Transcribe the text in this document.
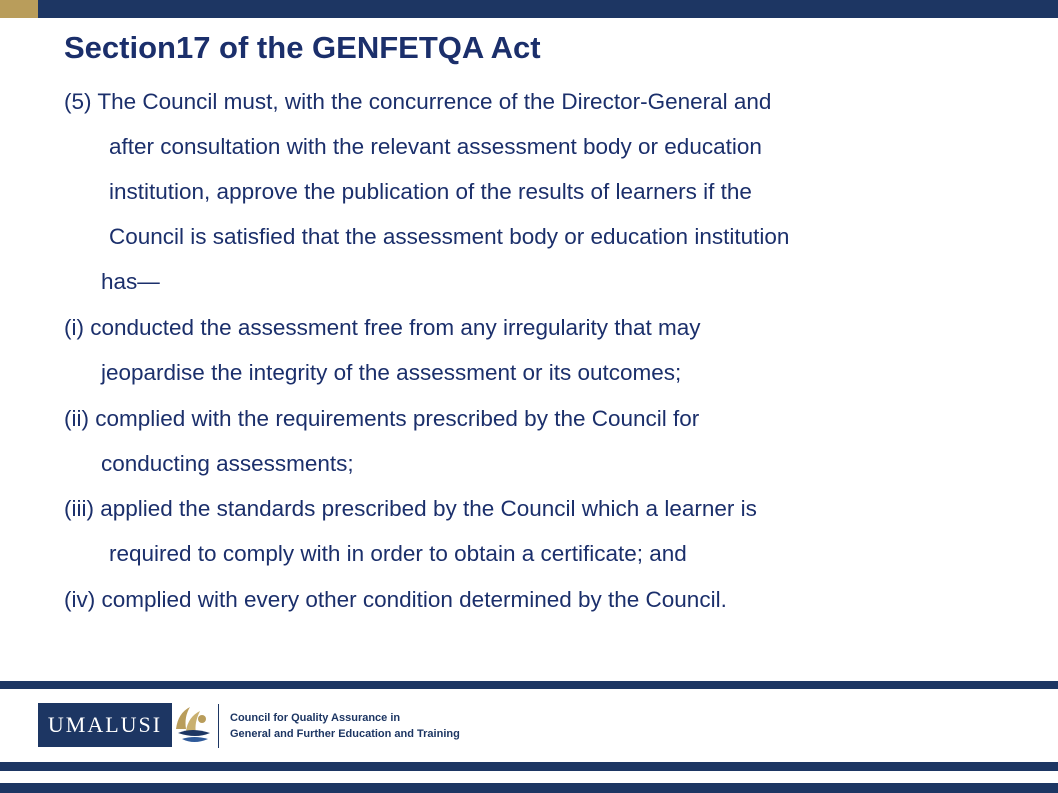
Section17 of the GENFETQA Act
(5) The Council must, with the concurrence of the Director-General and
after consultation with the relevant assessment body or education
institution, approve the publication of the results of learners if the
Council is satisfied that the assessment body or education institution
has—
(i) conducted the assessment free from any irregularity that may
jeopardise the integrity of the assessment or its outcomes;
(ii) complied with the requirements prescribed by the Council for
conducting assessments;
(iii) applied the standards prescribed by the Council which a learner is
required to comply with in order to obtain a certificate; and
(iv) complied with every other condition determined by the Council.
UMALUSI	Council for Quality Assurance in
General and Further Education and Training
